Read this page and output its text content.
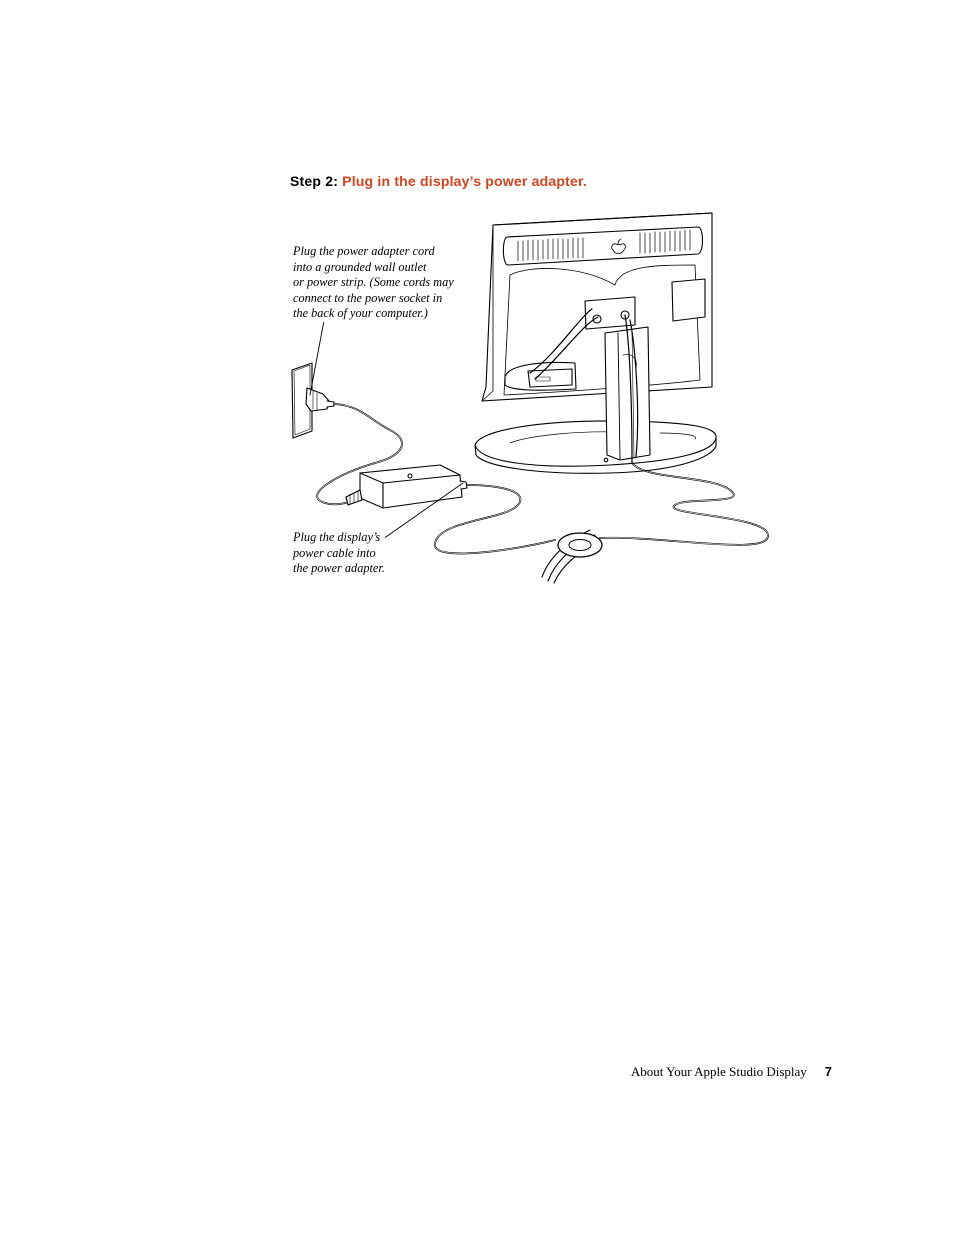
Step 2: Plug in the display’s power adapter.

Plug the power adapter cord
into a grounded wall outlet
or power strip. (Some cords may
connect to the power socket in
the back of your computer.)

Plug the display’s
power cable into
the power adapter.

About Your Apple Studio Display 7
